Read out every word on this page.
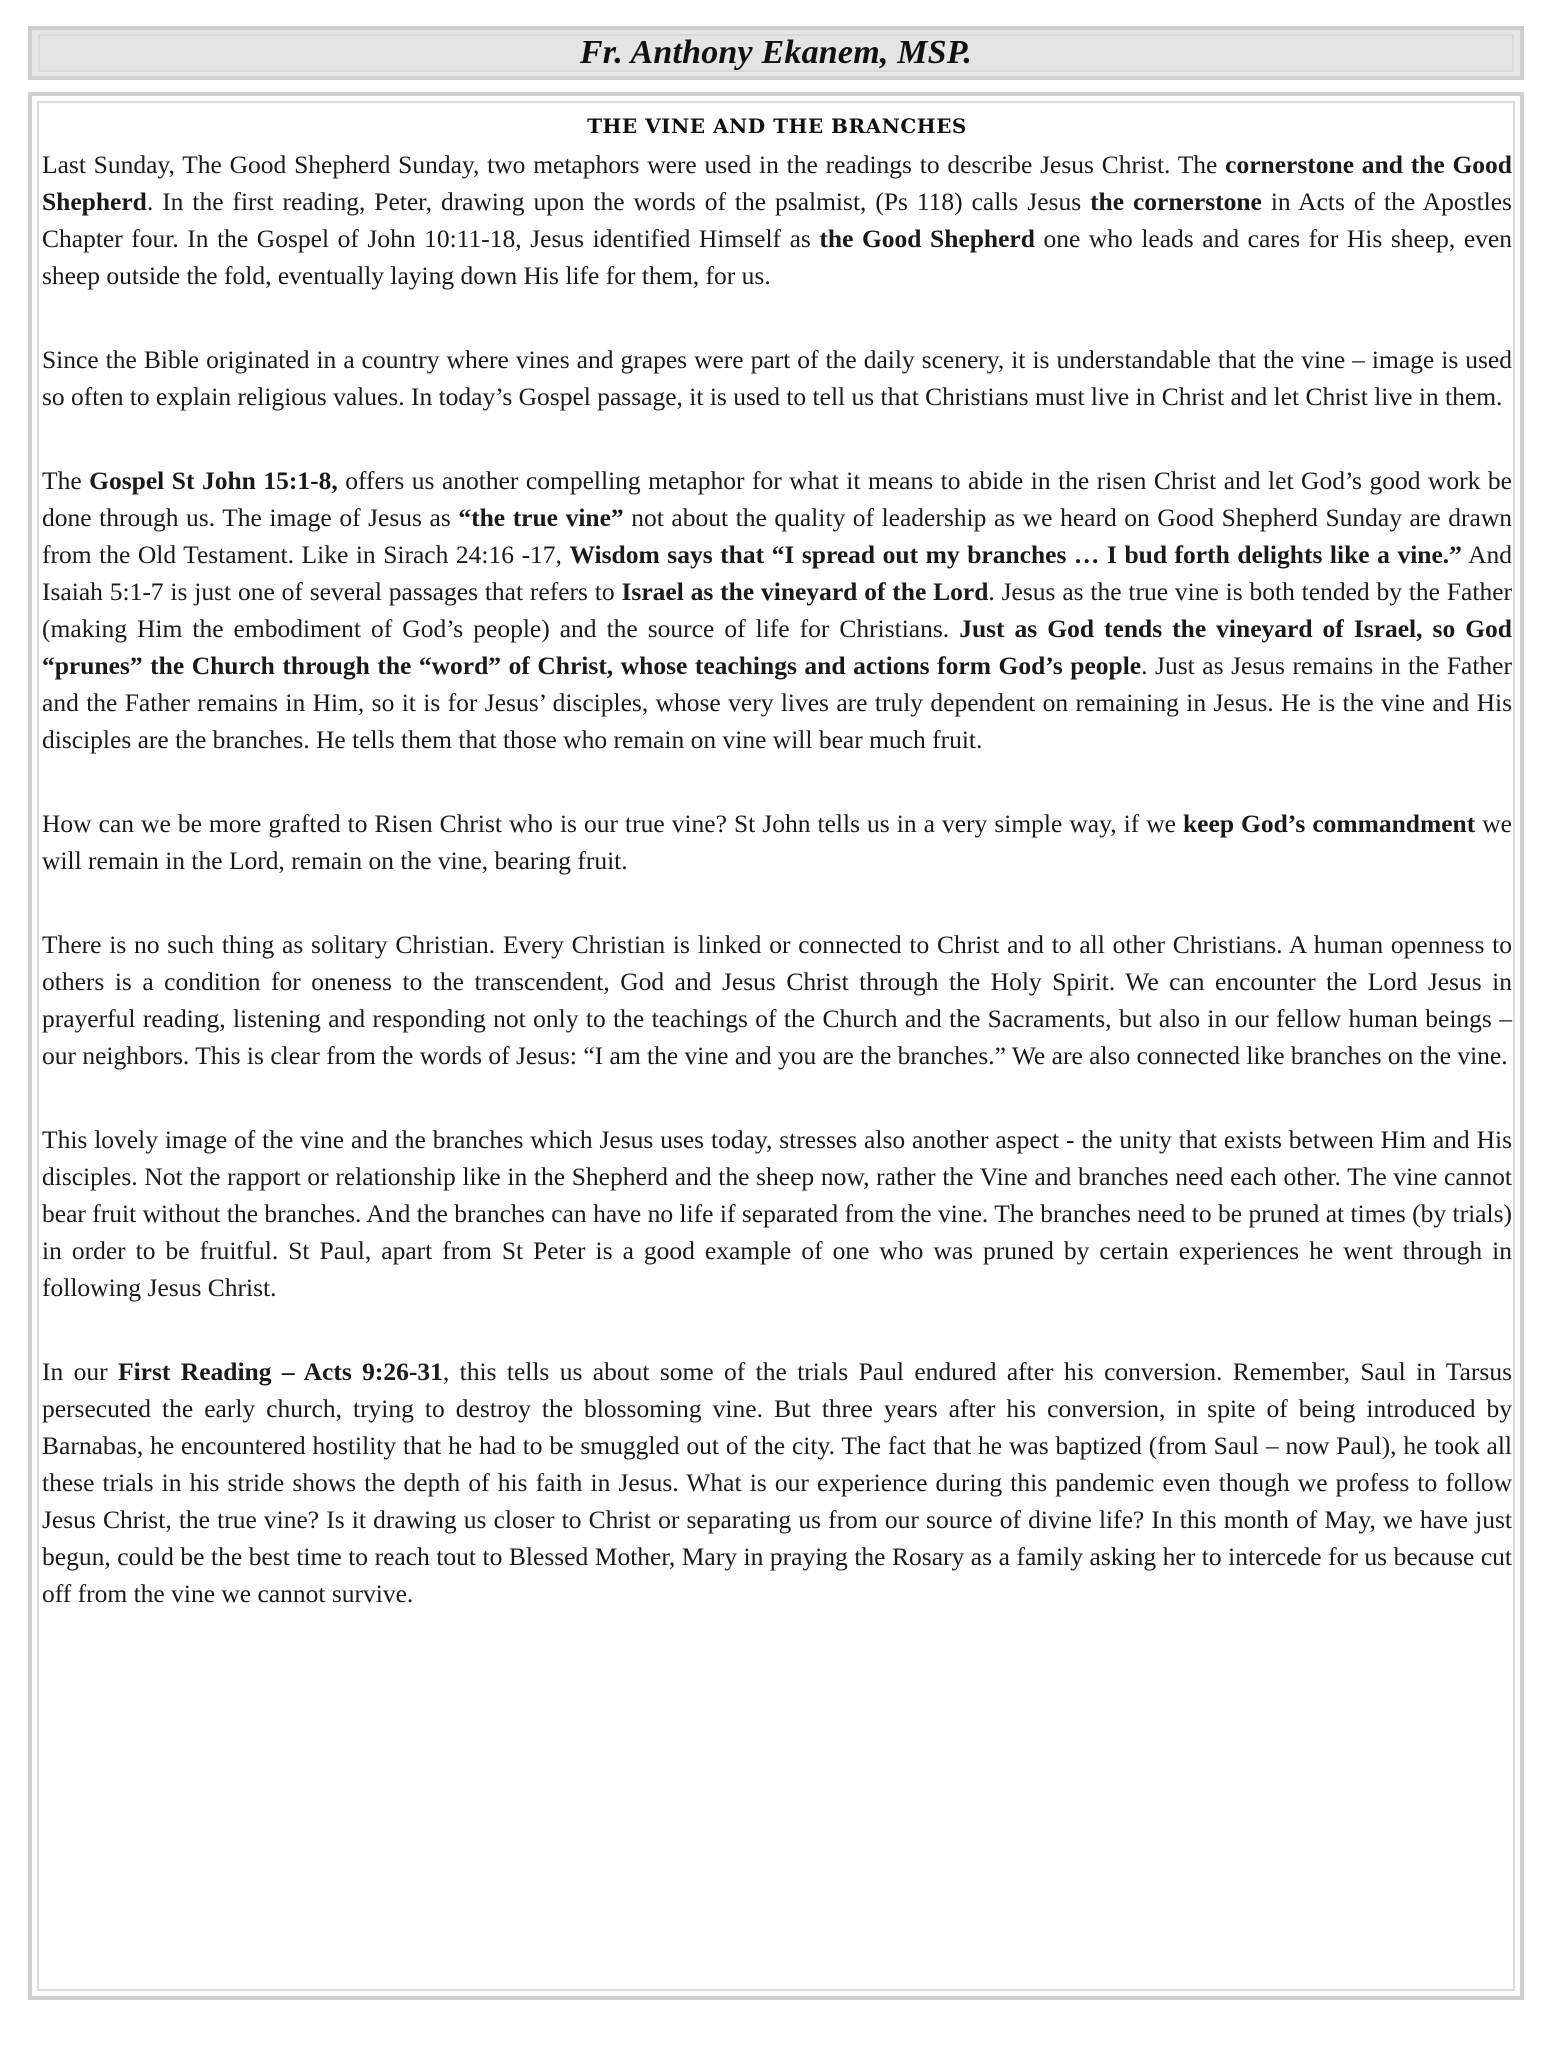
Fr. Anthony Ekanem, MSP.
THE VINE AND THE BRANCHES

Last Sunday, The Good Shepherd Sunday, two metaphors were used in the readings to describe Jesus Christ. The cornerstone and the Good Shepherd. In the first reading, Peter, drawing upon the words of the psalmist, (Ps 118) calls Jesus the cornerstone in Acts of the Apostles Chapter four. In the Gospel of John 10:11-18, Jesus identified Himself as the Good Shepherd one who leads and cares for His sheep, even sheep outside the fold, eventually laying down His life for them, for us.

Since the Bible originated in a country where vines and grapes were part of the daily scenery, it is understandable that the vine – image is used so often to explain religious values. In today’s Gospel passage, it is used to tell us that Christians must live in Christ and let Christ live in them.

The Gospel St John 15:1-8, offers us another compelling metaphor for what it means to abide in the risen Christ and let God’s good work be done through us. The image of Jesus as “the true vine” not about the quality of leadership as we heard on Good Shepherd Sunday are drawn from the Old Testament. Like in Sirach 24:16 -17, Wisdom says that “I spread out my branches … I bud forth delights like a vine.” And Isaiah 5:1-7 is just one of several passages that refers to Israel as the vineyard of the Lord. Jesus as the true vine is both tended by the Father (making Him the embodiment of God’s people) and the source of life for Christians. Just as God tends the vineyard of Israel, so God “prunes” the Church through the “word” of Christ, whose teachings and actions form God’s people. Just as Jesus remains in the Father and the Father remains in Him, so it is for Jesus’ disciples, whose very lives are truly dependent on remaining in Jesus. He is the vine and His disciples are the branches. He tells them that those who remain on vine will bear much fruit.

How can we be more grafted to Risen Christ who is our true vine? St John tells us in a very simple way, if we keep God’s commandment we will remain in the Lord, remain on the vine, bearing fruit.

There is no such thing as solitary Christian. Every Christian is linked or connected to Christ and to all other Christians. A human openness to others is a condition for oneness to the transcendent, God and Jesus Christ through the Holy Spirit. We can encounter the Lord Jesus in prayerful reading, listening and responding not only to the teachings of the Church and the Sacraments, but also in our fellow human beings – our neighbors. This is clear from the words of Jesus: “I am the vine and you are the branches.” We are also connected like branches on the vine.

This lovely image of the vine and the branches which Jesus uses today, stresses also another aspect - the unity that exists between Him and His disciples. Not the rapport or relationship like in the Shepherd and the sheep now, rather the Vine and branches need each other. The vine cannot bear fruit without the branches. And the branches can have no life if separated from the vine. The branches need to be pruned at times (by trials) in order to be fruitful. St Paul, apart from St Peter is a good example of one who was pruned by certain experiences he went through in following Jesus Christ.

In our First Reading – Acts 9:26-31, this tells us about some of the trials Paul endured after his conversion. Remember, Saul in Tarsus persecuted the early church, trying to destroy the blossoming vine. But three years after his conversion, in spite of being introduced by Barnabas, he encountered hostility that he had to be smuggled out of the city. The fact that he was baptized (from Saul – now Paul), he took all these trials in his stride shows the depth of his faith in Jesus. What is our experience during this pandemic even though we profess to follow Jesus Christ, the true vine? Is it drawing us closer to Christ or separating us from our source of divine life? In this month of May, we have just begun, could be the best time to reach tout to Blessed Mother, Mary in praying the Rosary as a family asking her to intercede for us because cut off from the vine we cannot survive.
